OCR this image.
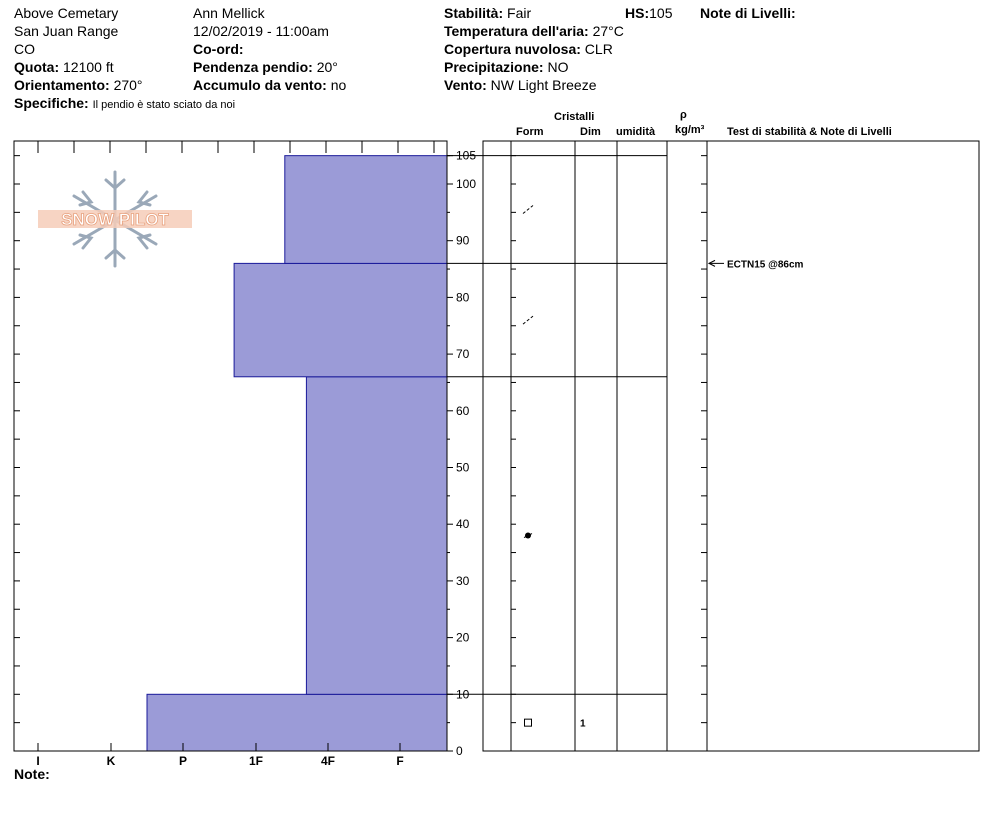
Above Cemetary
San Juan Range
CO
Quota: 12100 ft
Orientamento: 270°
Specifiche: Il pendio è stato sciato da noi
Ann Mellick
12/02/2019 - 11:00am
Co-ord:
Pendenza pendio: 20°
Accumulo da vento: no
Stabilità: Fair	HS:105 Note di Livelli:
Temperatura dell'aria: 27°C
Copertura nuvolosa: CLR
Precipitazione: NO
Vento: NW Light Breeze
Cristalli
Form	Dim umidità
ρ
kg/m³ Test di stabilità & Note di Livelli
0
10
20
30
40
50
60
70
80
90
100
105
I	K	P	1F	4F	F
1
ECTN15 @86cm
SNOW PILOT
Note:
